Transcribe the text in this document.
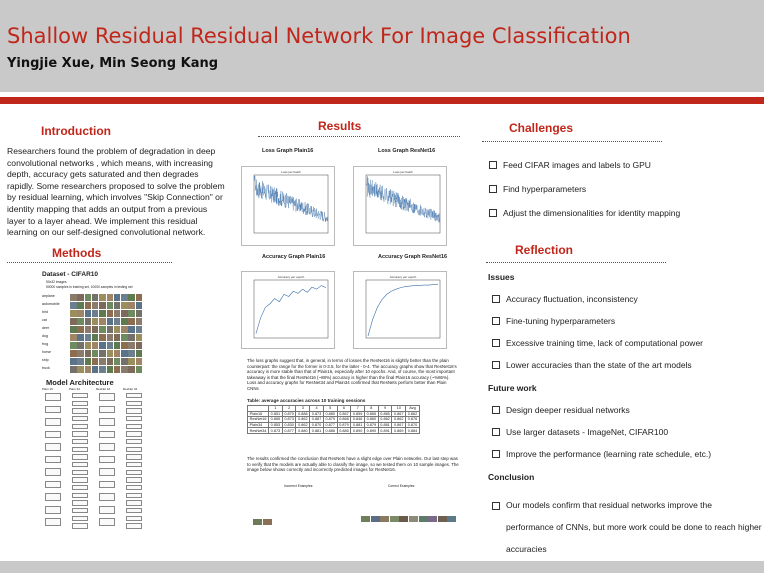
Shallow Residual Residual Network For Image Classification
Yingjie Xue, Min Seong Kang
Introduction
Researchers found the problem of degradation in deep convolutional networks , which means, with increasing depth, accuracy gets saturated and then degrades rapidly. Some researchers proposed to solve the problem by residual learning, which involves "Skip Connection" or identity mapping that adds an output from a previous layer to a layer ahead. We implement this residual learning on our self-designed convolutional network.
Methods
Dataset - CIFAR10
50x32 images
50000 samples in training set, 10000 samples in testing set
airplane
automobile
bird
cat
deer
dog
frog
horse
ship
truck
Model Architecture
Plain 16	Plain 34	ResNet 16	ResNet 34
Results
Loss Graph Plain16	Loss Graph ResNet16
Loss per batch	Loss per batch
Accuracy Graph Plain16	Accuracy Graph ResNet16
Accuracy per epoch	Accuracy per epoch
The loss graphs suggest that, in general, in terms of losses the ResNet16 is slightly better than the plain counterpart: the range for the former is 0-3.5, for the latter - 0-4. The accuracy graphs show that ResNet16's accuracy is more stable than that of Plain16, especially after 10 epochs. And, of course, the most important takeaway is that the final ResNet16 (~88%) accuracy is higher than the final Plain16 accuracy (~%86%). Loss and accuracy graphs for ResNet34 and Plain34 confirmed that ResNets perform better than Plain CNNs
Table: average accuracies across 10 training sessions
	1	2	3	4	5	6	7	8	9	10	Avg
Plain16	0.851	0.870	0.888	0.873	0.880	0.867	0.859	0.865	0.865	0.867	0.862
ResNet16	0.865	0.873	0.862	0.887	0.879	0.868	0.846	0.860	0.862	0.862	0.876
Plain34	0.853	0.830	0.862	0.870	0.877	0.879	0.881	0.879	0.881	0.867	0.870
ResNet34	0.873	0.877	0.880	0.881	0.886	0.885	0.890	0.890	0.891	0.869	0.884
The results confirmed the conclusion that ResNets have a slight edge over Plain networks. Our last step was to verify that the models are actually able to classify the image, so we tested them on 10 sample images. The image below shows correctly and incorrectly predicted images for ResNet16.
Incorrect Examples:	Correct Examples:
Challenges
Feed CIFAR images and labels to GPU
Find hyperparameters
Adjust the dimensionalities for identity mapping
Reflection
Issues
Accuracy fluctuation, inconsistency
Fine-tuning hyperparameters
Excessive training time, lack of computational power
Lower accuracies than the state of the art models
Future work
Design deeper residual networks
Use larger datasets - ImageNet, CIFAR100
Improve the performance (learning rate schedule, etc.)
Conclusion
Our models confirm that residual networks improve the
performance of CNNs, but more work could be done to reach higher
accuracies
